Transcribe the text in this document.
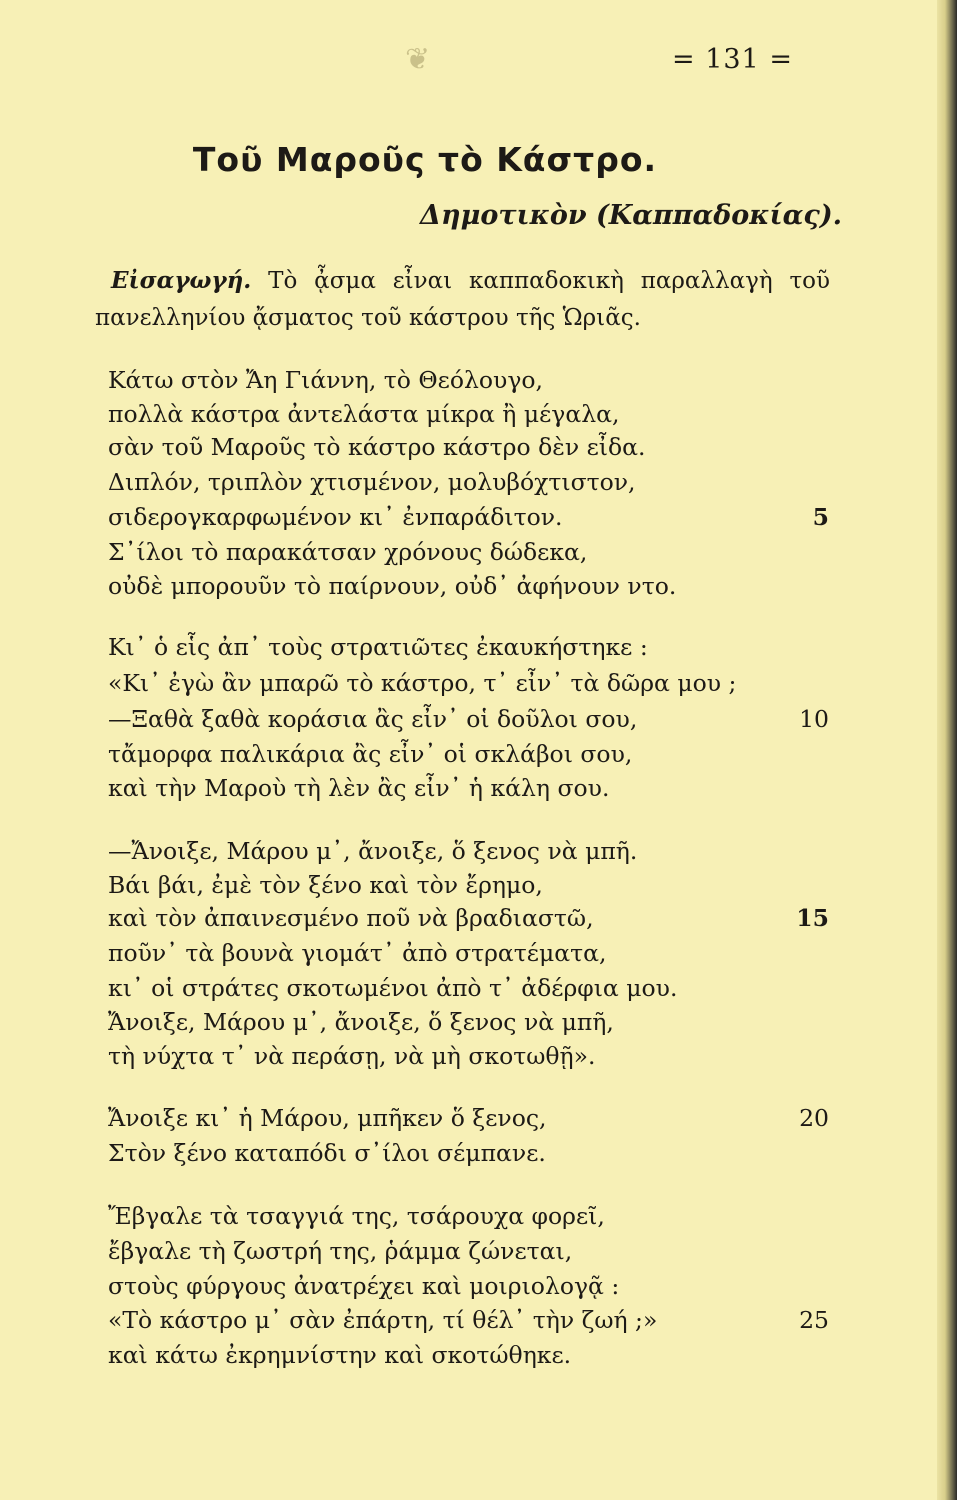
❦	= 131 =
Τοῦ Μαροῦς τὸ Κάστρο.
Δημοτικὸν (Καππαδοκίας).
Εἰσαγωγή. Τὸ ᾆσμα εἶναι καππαδοκικὴ παραλλαγὴ τοῦ πανελληνίου ᾄσματος τοῦ κάστρου τῆς Ὡριᾶς.
Κάτω στὸν Ἄη Γιάννη, τὸ Θεόλουγο,
πολλὰ κάστρα ἀντελάστα μίκρα ἢ μέγαλα,
σὰν τοῦ Μαροῦς τὸ κάστρο κάστρο δὲν εἶδα.
Διπλόν, τριπλὸν χτισμένον, μολυβόχτιστον,
σιδερογκαρφωμένον κι᾽ ἐνπαράδιτον.	5
Σ᾽ίλοι τὸ παρακάτσαν χρόνους δώδεκα,
οὐδὲ μπορουῦν τὸ παίρνουν, οὐδ᾽ ἀφήνουν ντο.
Κι᾽ ὁ εἷς ἀπ᾽ τοὺς στρατιῶτες ἐκαυκήστηκε :
«Κι᾽ ἐγὼ ἂν μπαρῶ τὸ κάστρο, τ᾽ εἶν᾽ τὰ δῶρα μου ;
—Ξαθὰ ξαθὰ κοράσια ἂς εἶν᾽ οἱ δοῦλοι σου,	10
τἄμορφα παλικάρια ἂς εἶν᾽ οἱ σκλάβοι σου,
καὶ τὴν Μαροὺ τὴ λὲν ἂς εἶν᾽ ἡ κάλη σου.
—Ἄνοιξε, Μάρου μ᾽, ἄνοιξε, ὅ ξενος νὰ μπῆ.
Βάι βάι, ἐμὲ τὸν ξένο καὶ τὸν ἔρημο,
καὶ τὸν ἀπαινεσμένο ποῦ νὰ βραδιαστῶ,	15
ποῦν᾽ τὰ βουνὰ γιομάτ᾽ ἀπὸ στρατέματα,
κι᾽ οἱ στράτες σκοτωμένοι ἀπὸ τ᾽ ἀδέρφια μου.
Ἄνοιξε, Μάρου μ᾽, ἄνοιξε, ὅ ξενος νὰ μπῆ,
τὴ νύχτα τ᾽ νὰ περάσῃ, νὰ μὴ σκοτωθῇ».
Ἄνοιξε κι᾽ ἡ Μάρου, μπῆκεν ὅ ξενος,	20
Στὸν ξένο καταπόδι σ᾽ίλοι σέμπανε.
Ἔβγαλε τὰ τσαγγιά της, τσάρουχα φορεῖ,
ἔβγαλε τὴ ζωστρή της, ῥάμμα ζώνεται,
στοὺς φύργους ἀνατρέχει καὶ μοιριολογᾷ :
«Τὸ κάστρο μ᾽ σὰν ἐπάρτη, τί θέλ᾽ τὴν ζωή ;»	25
καὶ κάτω ἐκρημνίστην καὶ σκοτώθηκε.
